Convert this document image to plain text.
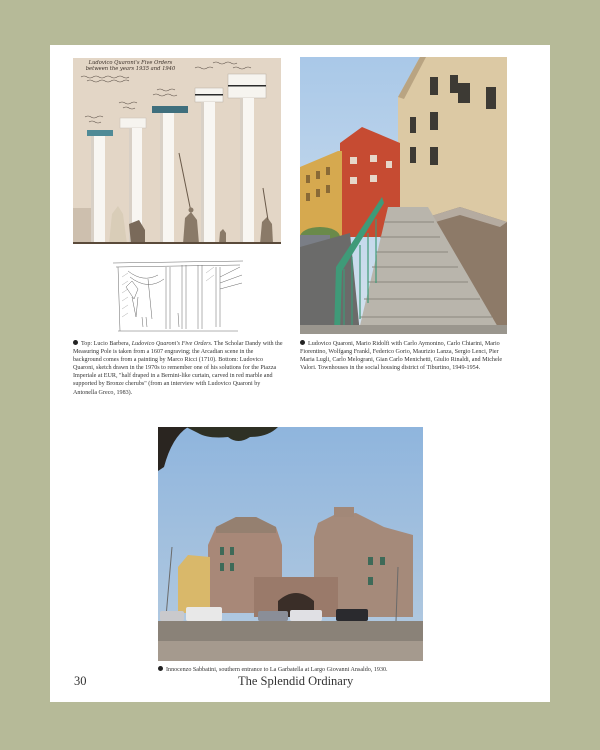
Ludovico Quaroni's Five Orders between the years 1935 and 1940
Top: Lucio Barbera, Ludovico Quaroni's Five Orders. The Scholar Dandy with the Measuring Pole is taken from a 1607 engraving; the Arcadian scene in the background comes from a painting by Marco Ricci (1710). Bottom: Ludovico Quaroni, sketch drawn in the 1970s to remember one of his solutions for the Piazza Imperiale at EUR, "half draped in a Bernini-like curtain, carved in red marble and supported by Bronze cherubs" (from an interview with Ludovico Quaroni by Antonella Greco, 1983).
Ludovico Quaroni, Mario Ridolfi with Carlo Aymonino, Carlo Chiarini, Mario Fiorentino, Wolfgang Frankl, Federico Gorio, Maurizio Lanza, Sergio Lenci, Pier Maria Lugli, Carlo Melograni, Gian Carlo Menichetti, Giulio Rinaldi, and Michele Valori. Townhouses in the social housing district of Tiburtino, 1949-1954.
Innocenzo Sabbatini, southern entrance to La Garbatella at Largo Giovanni Ansaldo, 1930.
30	The Splendid Ordinary
